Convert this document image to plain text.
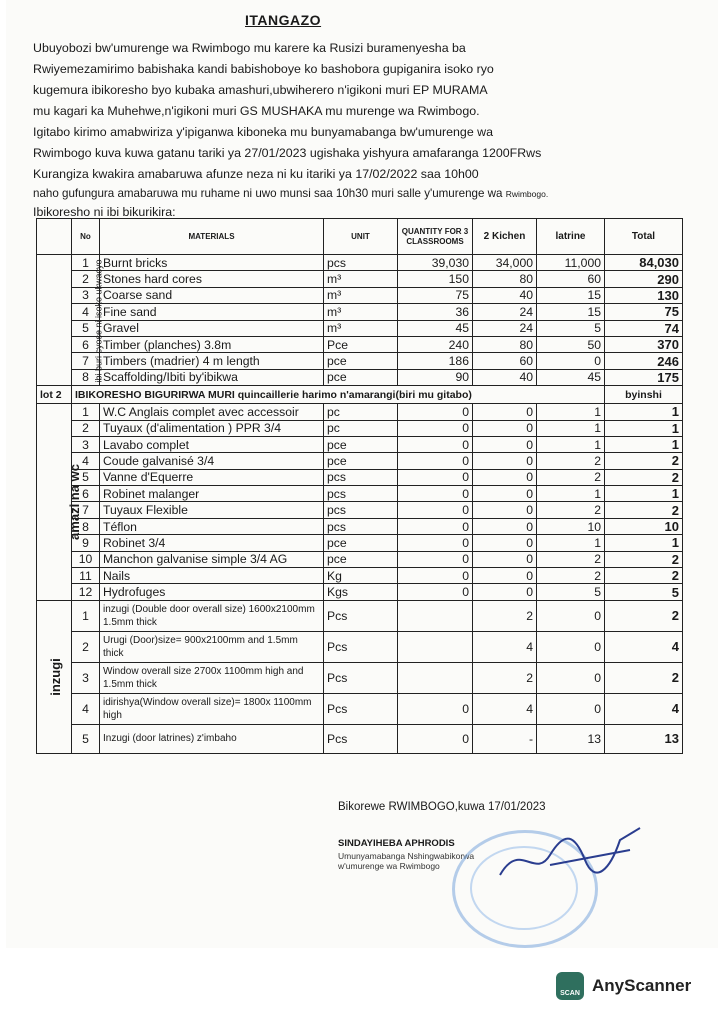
ITANGAZO
Ubuyobozi bw'umurenge wa Rwimbogo mu karere ka Rusizi buramenyesha ba
Rwiyemezamirimo babishaka kandi babishoboye ko bashobora gupiganira isoko ryo
kugemura ibikoresho byo kubaka amashuri,ubwiherero n'igikoni muri EP MURAMA
mu kagari ka Muhehwe,n'igikoni muri GS MUSHAKA mu murenge wa Rwimbogo.
Igitabo kirimo amabwiriza y'ipiganwa kiboneka mu bunyamabanga bw'umurenge wa
Rwimbogo kuva kuwa gatanu tariki ya 27/01/2023 ugishaka yishyura amafaranga 1200FRws
Kurangiza kwakira amabaruwa afunze neza ni ku itariki ya 17/02/2022 saa 10h00
naho gufungura amabaruwa mu ruhame ni uwo munsi saa 10h30 muri salle y'umurenge wa Rwimbogo.
Ibikoresho ni ibi bikurikira:
	No	MATERIALS	UNIT	QUANTITY FOR 3 CLASSROOMS	2 Kichen	latrine	Total
ibi buri cyose ni isoko ukwacyo	1	Burnt bricks	pcs	39,030	34,000	11,000	84,030
	2	Stones hard cores	m³	150	80	60	290
	3	Coarse sand	m³	75	40	15	130
	4	Fine sand	m³	36	24	15	75
	5	Gravel	m³	45	24	5	74
	6	Timber (planches) 3.8m	Pce	240	80	50	370
	7	Timbers (madrier) 4 m length	pce	186	60	0	246
	8	Scaffolding/Ibiti by'ibikwa	pce	90	40	45	175
lot 2	IBIKORESHO BIGURIRWA MURI quincaillerie harimo n'amarangi(biri mu gitabo)						byinshi
amazi na wc	1	W.C Anglais complet avec accessoir	pc	0	0	1	1
	2	Tuyaux (d'alimentation ) PPR 3/4	pc	0	0	1	1
	3	Lavabo complet	pce	0	0	1	1
	4	Coude galvanisé 3/4	pce	0	0	2	2
	5	Vanne d'Equerre	pcs	0	0	2	2
	6	Robinet malanger	pcs	0	0	1	1
	7	Tuyaux Flexible	pcs	0	0	2	2
	8	Téflon	pcs	0	0	10	10
	9	Robinet 3/4	pce	0	0	1	1
	10	Manchon galvanise simple 3/4 AG	pce	0	0	2	2
	11	Nails	Kg	0	0	2	2
	12	Hydrofuges	Kgs	0	0	5	5
inzugi	1	inzugi (Double door overall size) 1600x2100mm 1.5mm thick	Pcs		2	0	2
	2	Urugi (Door)size= 900x2100mm and 1.5mm thick	Pcs		4	0	4
	3	Window overall size 2700x 1100mm high and 1.5mm thick	Pcs		2	0	2
	4	idirishya(Window overall size)= 1800x 1100mm high	Pcs	0	4	0	4
	5	Inzugi (door latrines) z'imbaho	Pcs	0	-	13	13
Bikorewe RWIMBOGO,kuwa 17/01/2023
SINDAYIHEBA APHRODIS
Umunyamabanga Nshingwabikorwa w'umurenge wa Rwimbogo
SCAN AnyScanner
